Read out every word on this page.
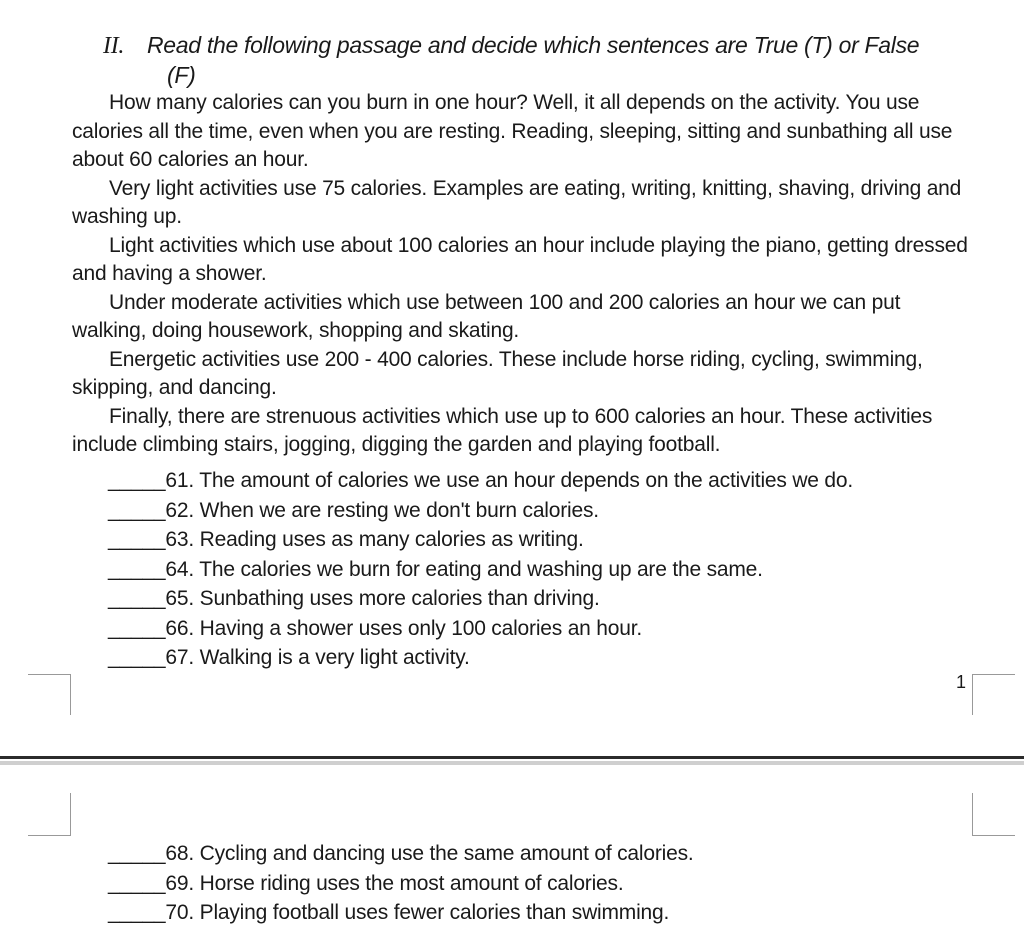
II. Read the following passage and decide which sentences are True (T) or False
(F)

How many calories can you burn in one hour? Well, it all depends on the activity. You use calories all the time, even when you are resting. Reading, sleeping, sitting and sunbathing all use about 60 calories an hour.

Very light activities use 75 calories. Examples are eating, writing, knitting, shaving, driving and washing up.

Light activities which use about 100 calories an hour include playing the piano, getting dressed and having a shower.

Under moderate activities which use between 100 and 200 calories an hour we can put walking, doing housework, shopping and skating.

Energetic activities use 200 - 400 calories. These include horse riding, cycling, swimming, skipping, and dancing.

Finally, there are strenuous activities which use up to 600 calories an hour. These activities include climbing stairs, jogging, digging the garden and playing football.

_____61. The amount of calories we use an hour depends on the activities we do.
_____62. When we are resting we don't burn calories.
_____63. Reading uses as many calories as writing.
_____64. The calories we burn for eating and washing up are the same.
_____65. Sunbathing uses more calories than driving.
_____66. Having a shower uses only 100 calories an hour.
_____67. Walking is a very light activity.
1
_____68. Cycling and dancing use the same amount of calories.
_____69. Horse riding uses the most amount of calories.
_____70. Playing football uses fewer calories than swimming.
